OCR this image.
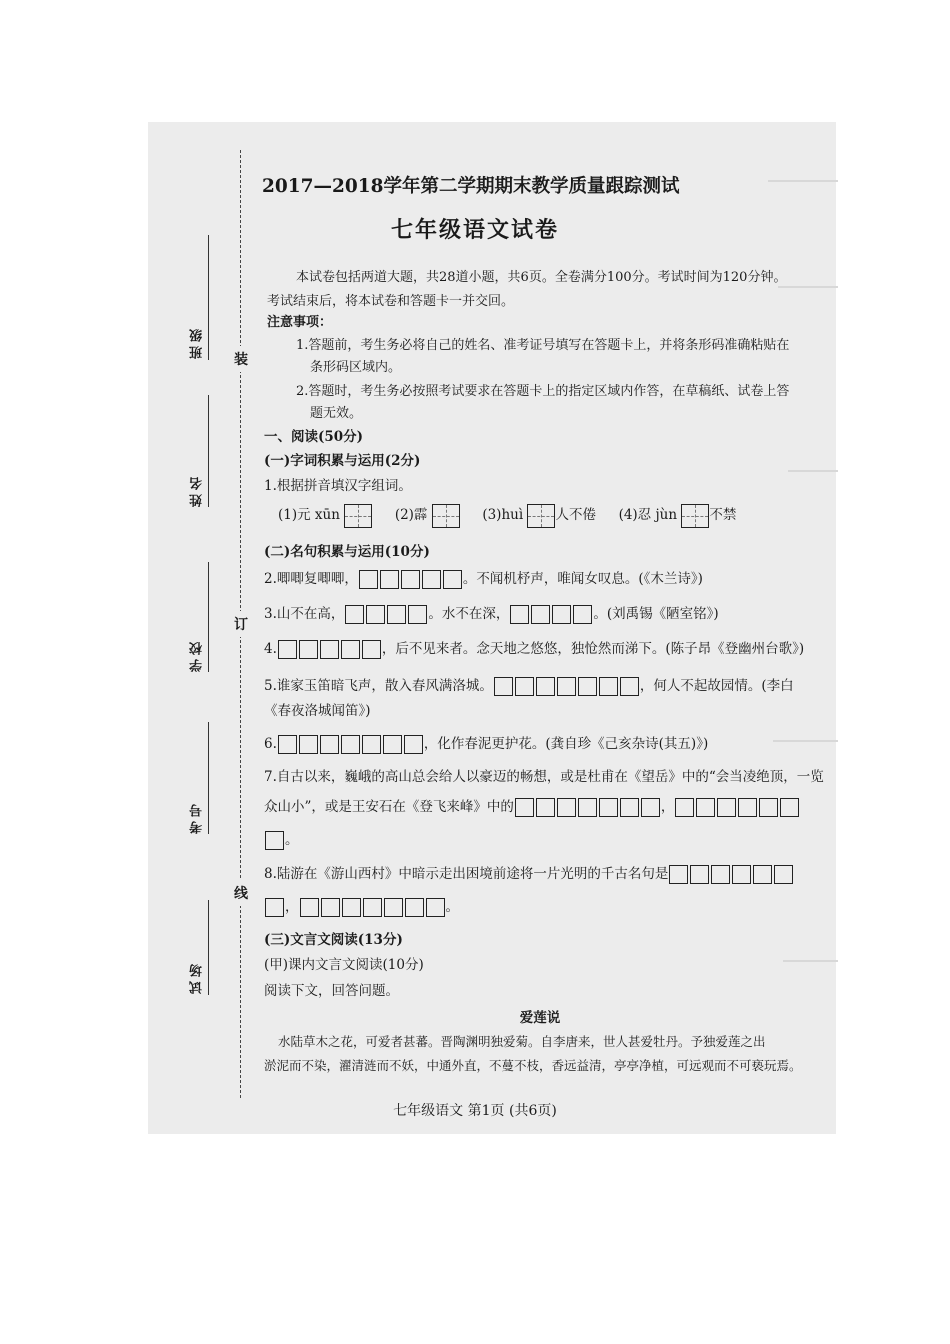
装
订
线
班级
姓名
学校
考号
试场
2017—2018学年第二学期期末教学质量跟踪测试
七年级语文试卷
本试卷包括两道大题，共28道小题，共6页。全卷满分100分。考试时间为120分钟。
考试结束后，将本试卷和答题卡一并交回。
注意事项：
1.答题前，考生务必将自己的姓名、准考证号填写在答题卡上，并将条形码准确粘贴在
条形码区域内。
2.答题时，考生务必按照考试要求在答题卡上的指定区域内作答，在草稿纸、试卷上答
题无效。
一、阅读(50分)
(一)字词积累与运用(2分)
1.根据拼音填汉字组词。
(1)元 xūn	(2)霹	(3)huì 人不倦 (4)忍 jùn 不禁
(二)名句积累与运用(10分)
2.唧唧复唧唧，	。不闻机杼声，唯闻女叹息。(《木兰诗》)
3.山不在高，	。水不在深，	。(刘禹锡《陋室铭》)
4.	，后不见来者。念天地之悠悠，独怆然而涕下。(陈子昂《登幽州台歌》)
5.谁家玉笛暗飞声，散入春风满洛城。	，何人不起故园情。(李白
《春夜洛城闻笛》)
6.	，化作春泥更护花。(龚自珍《己亥杂诗(其五)》)
7.自古以来，巍峨的高山总会给人以豪迈的畅想，或是杜甫在《望岳》中的“会当凌绝顶，一览
众山小”，或是王安石在《登飞来峰》中的	，
。
8.陆游在《游山西村》中暗示走出困境前途将一片光明的千古名句是
，	。
(三)文言文阅读(13分)
(甲)课内文言文阅读(10分)
阅读下文，回答问题。
爱莲说
水陆草木之花，可爱者甚蕃。晋陶渊明独爱菊。自李唐来，世人甚爱牡丹。予独爱莲之出
淤泥而不染，濯清涟而不妖，中通外直，不蔓不枝，香远益清，亭亭净植，可远观而不可亵玩焉。
七年级语文 第1页 (共6页)
